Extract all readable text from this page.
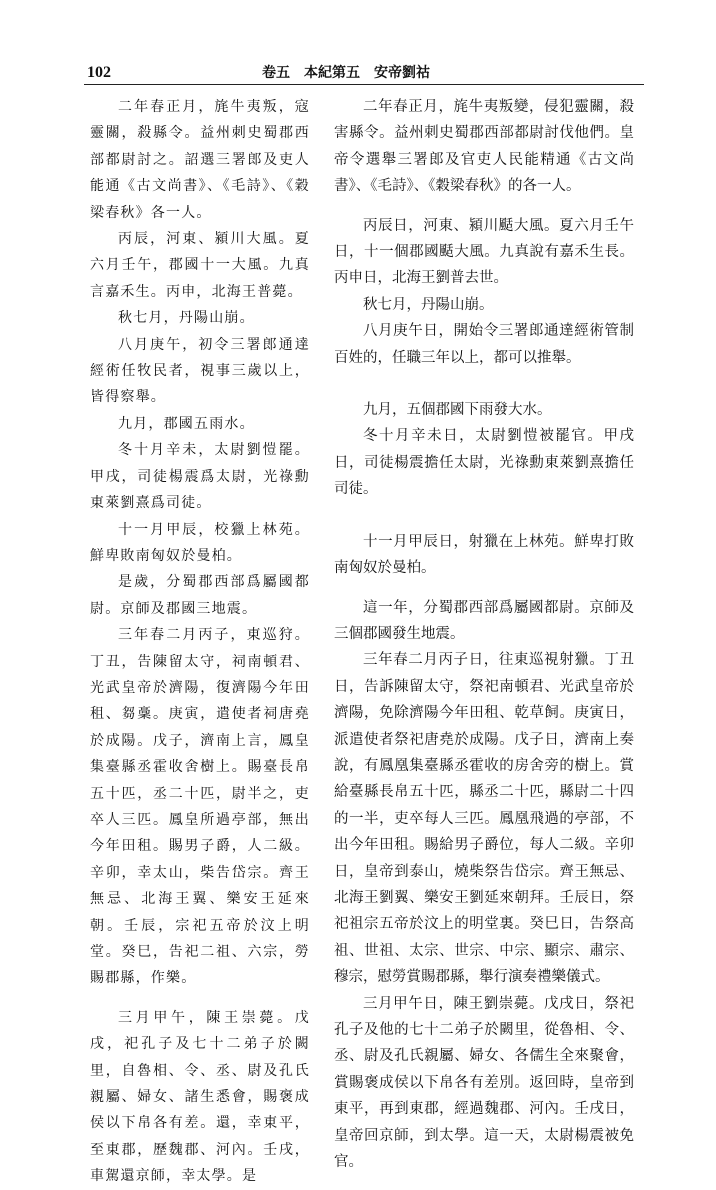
102	卷五　本紀第五　安帝劉祜

二年春正月，旄牛夷叛，寇靈關，殺縣令。益州刺史蜀郡西部都尉討之。詔選三署郎及吏人能通《古文尚書》、《毛詩》、《穀梁春秋》各一人。

丙辰，河東、潁川大風。夏六月壬午，郡國十一大風。九真言嘉禾生。丙申，北海王普薨。

秋七月，丹陽山崩。

八月庚午，初令三署郎通達經術任牧民者，視事三歲以上，皆得察舉。

九月，郡國五雨水。

冬十月辛未，太尉劉愷罷。甲戌，司徒楊震爲太尉，光祿勳東萊劉熹爲司徒。

十一月甲辰，校獵上林苑。鮮卑敗南匈奴於曼柏。

是歲，分蜀郡西部爲屬國都尉。京師及郡國三地震。

三年春二月丙子，東巡狩。丁丑，告陳留太守，祠南頓君、光武皇帝於濟陽，復濟陽今年田租、芻稾。庚寅，遣使者祠唐堯於成陽。戊子，濟南上言，鳳皇集臺縣丞霍收舍樹上。賜臺長帛五十匹，丞二十匹，尉半之，吏卒人三匹。鳳皇所過亭部，無出今年田租。賜男子爵，人二級。辛卯，幸太山，柴告岱宗。齊王無忌、北海王翼、樂安王延來朝。壬辰，宗祀五帝於汶上明堂。癸巳，告祀二祖、六宗，勞賜郡縣，作樂。

三月甲午，陳王崇薨。戊戌，祀孔子及七十二弟子於闕里，自魯相、令、丞、尉及孔氏親屬、婦女、諸生悉會，賜褒成侯以下帛各有差。還，幸東平，至東郡，歷魏郡、河內。壬戌，車駕還京師，幸太學。是

二年春正月，旄牛夷叛變，侵犯靈關，殺害縣令。益州刺史蜀郡西部都尉討伐他們。皇帝令選舉三署郎及官吏人民能精通《古文尚書》、《毛詩》、《穀梁春秋》的各一人。

丙辰日，河東、潁川颳大風。夏六月壬午日，十一個郡國颳大風。九真說有嘉禾生長。丙申日，北海王劉普去世。

秋七月，丹陽山崩。

八月庚午日，開始令三署郎通達經術管制百姓的，任職三年以上，都可以推舉。

九月，五個郡國下雨發大水。

冬十月辛未日，太尉劉愷被罷官。甲戌日，司徒楊震擔任太尉，光祿勳東萊劉熹擔任司徒。

十一月甲辰日，射獵在上林苑。鮮卑打敗南匈奴於曼柏。

這一年，分蜀郡西部爲屬國都尉。京師及三個郡國發生地震。

三年春二月丙子日，往東巡視射獵。丁丑日，告訴陳留太守，祭祀南頓君、光武皇帝於濟陽，免除濟陽今年田租、乾草飼。庚寅日，派遣使者祭祀唐堯於成陽。戊子日，濟南上奏說，有鳳凰集臺縣丞霍收的房舍旁的樹上。賞給臺縣長帛五十匹，縣丞二十匹，縣尉二十四的一半，吏卒每人三匹。鳳凰飛過的亭部，不出今年田租。賜給男子爵位，每人二級。辛卯日，皇帝到泰山，燒柴祭告岱宗。齊王無忌、北海王劉翼、樂安王劉延來朝拜。壬辰日，祭祀祖宗五帝於汶上的明堂裏。癸巳日，告祭高祖、世祖、太宗、世宗、中宗、顯宗、肅宗、穆宗，慰勞賞賜郡縣，舉行演奏禮樂儀式。

三月甲午日，陳王劉崇薨。戊戌日，祭祀孔子及他的七十二弟子於闕里，從魯相、令、丞、尉及孔氏親屬、婦女、各儒生全來聚會，賞賜褒成侯以下帛各有差別。返回時，皇帝到東平，再到東郡，經過魏郡、河內。壬戌日，皇帝回京師，到太學。這一天，太尉楊震被免官。
